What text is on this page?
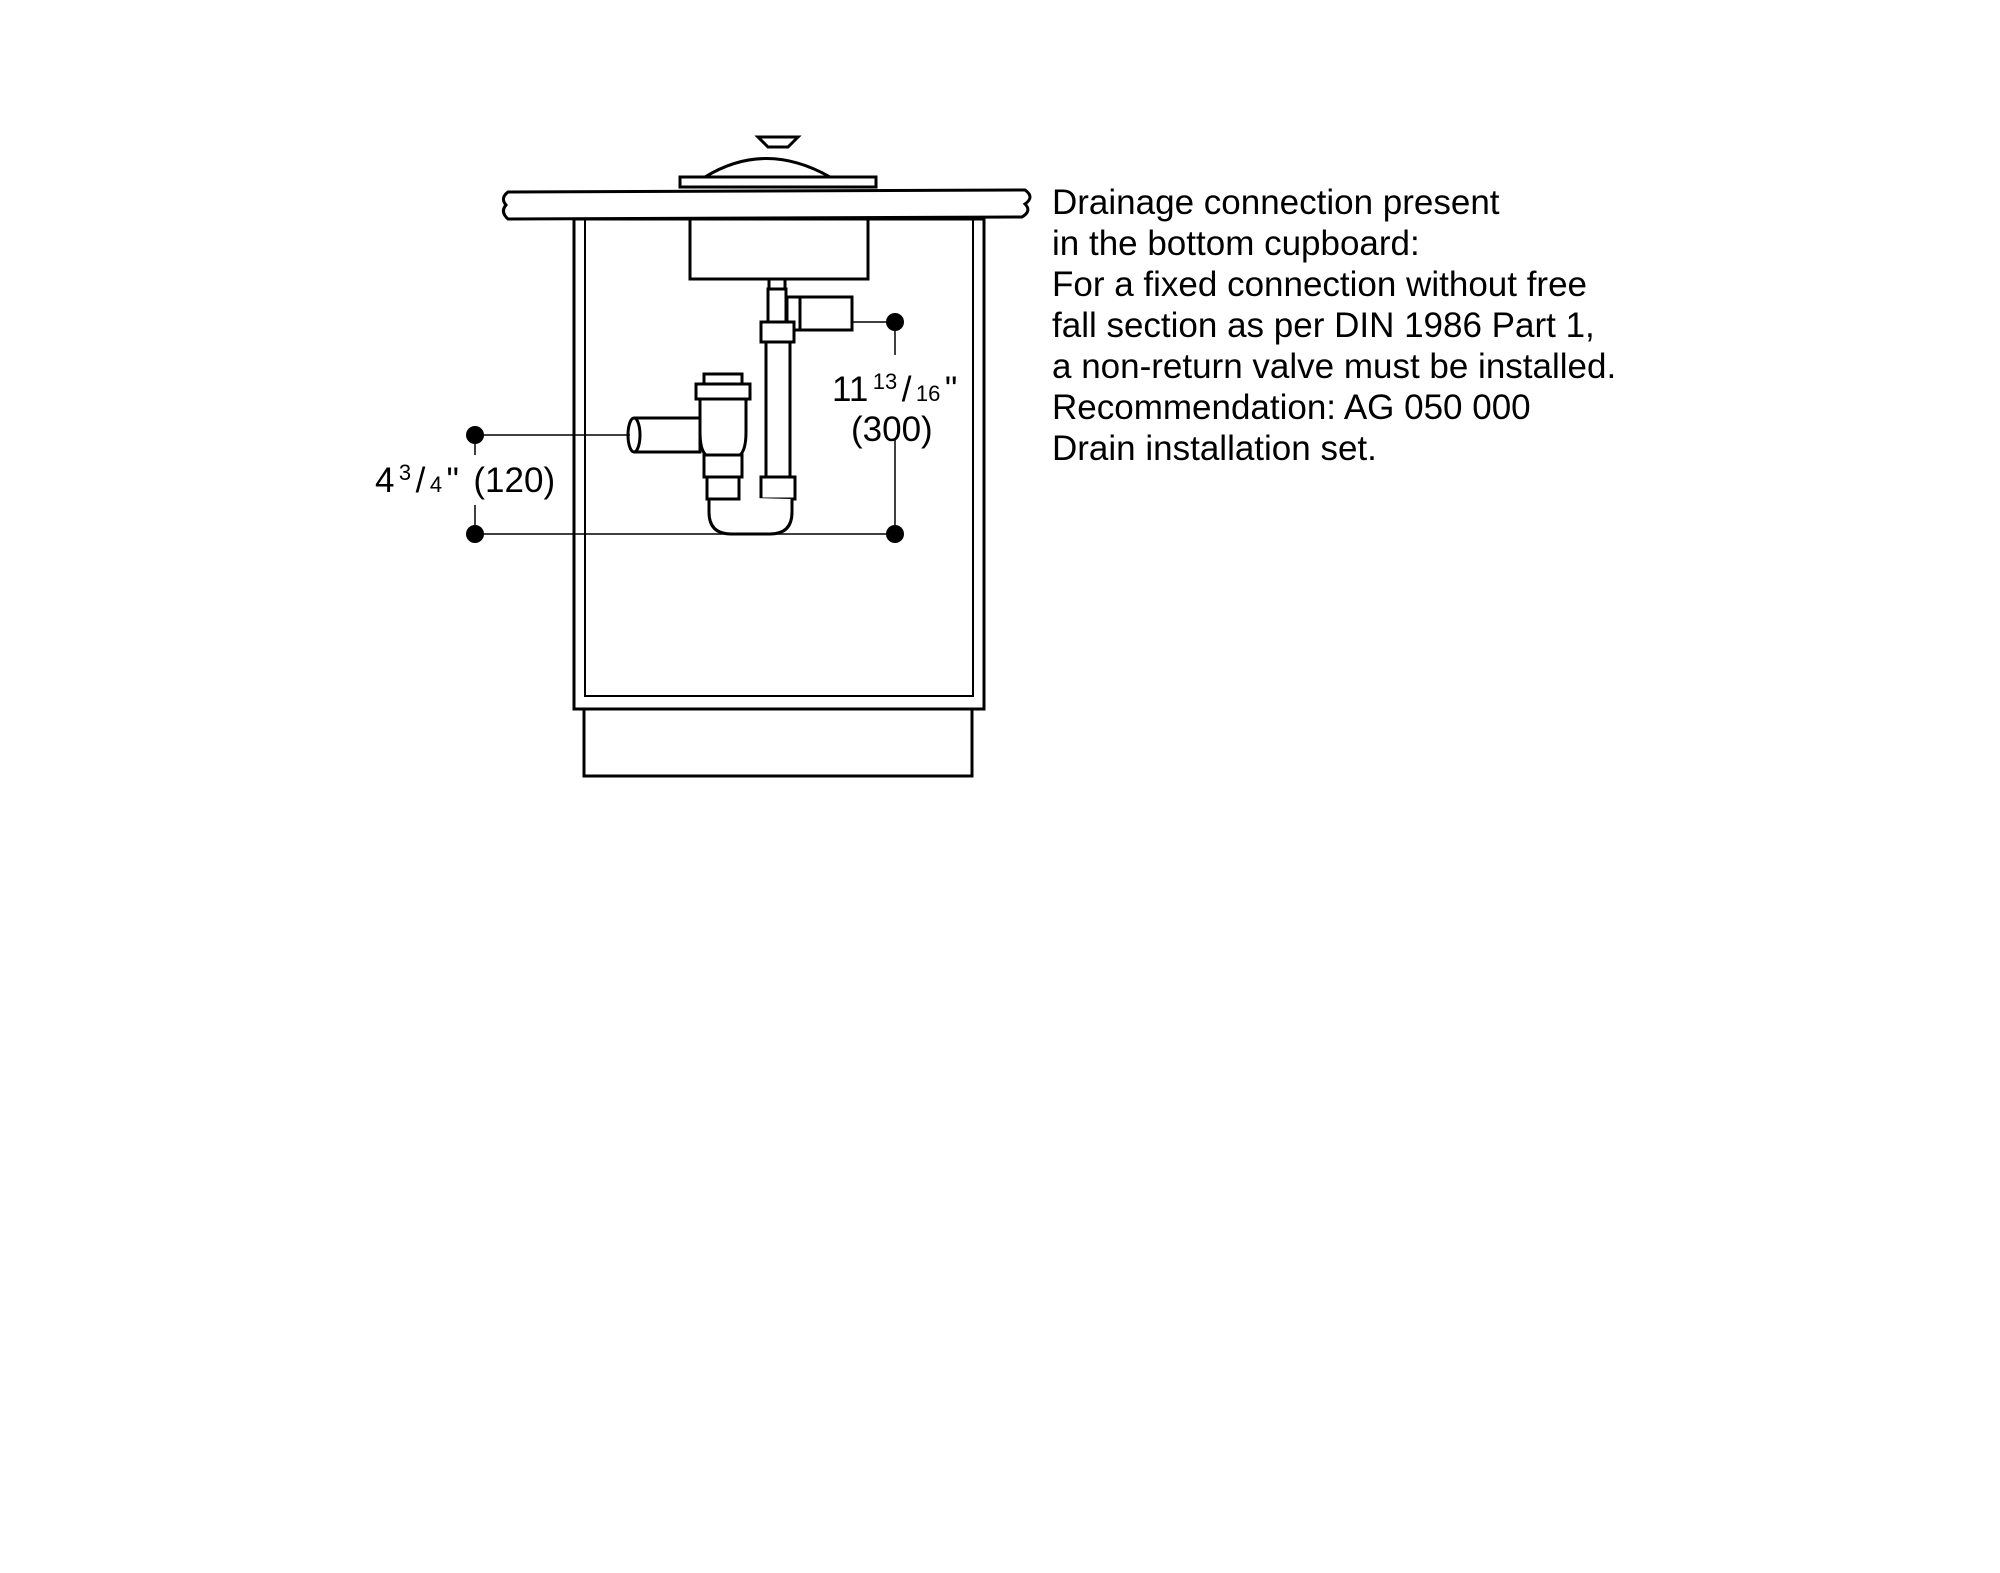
11 13 / 16 "
(300)
4 3 / 4 " (120)
Drainage connection present
in the bottom cupboard:
For a fixed connection without free
fall section as per DIN 1986 Part 1,
a non-return valve must be installed.
Recommendation: AG 050 000
Drain installation set.
